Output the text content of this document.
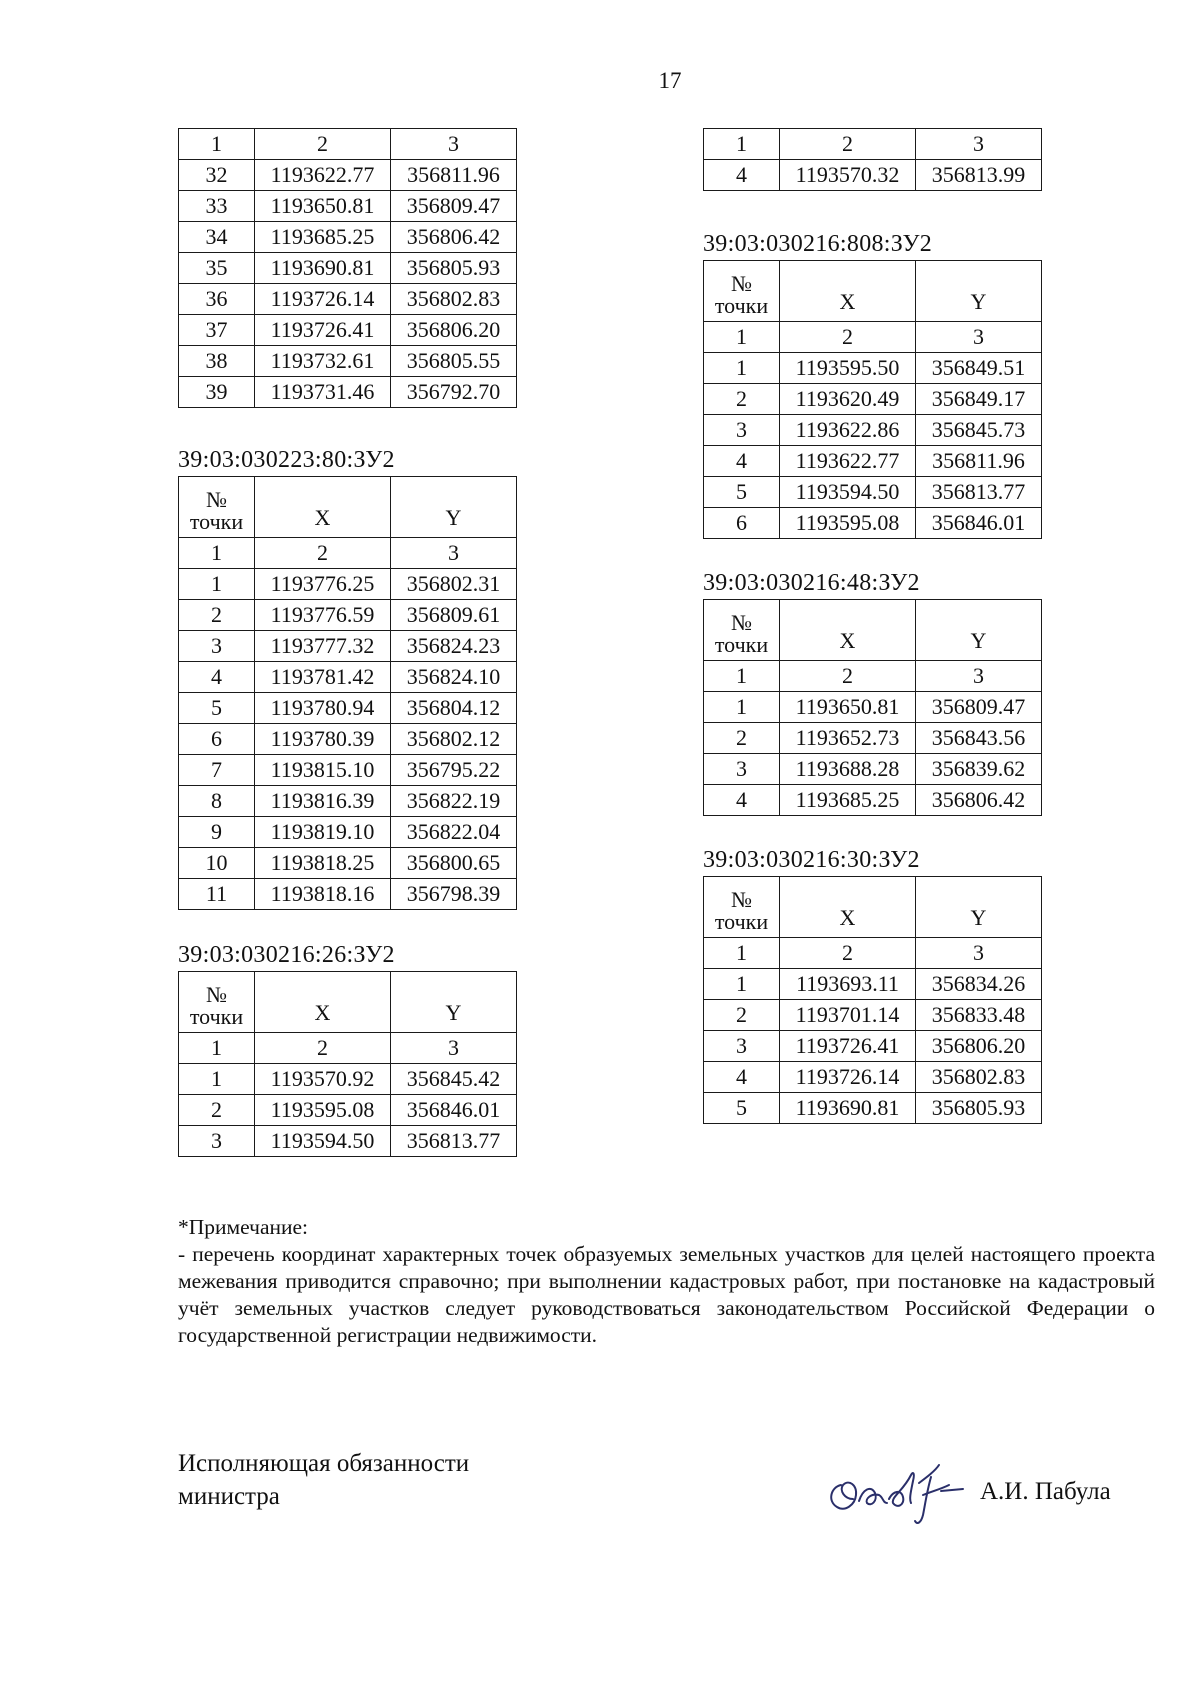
17
1	2	3
32	1193622.77	356811.96
33	1193650.81	356809.47
34	1193685.25	356806.42
35	1193690.81	356805.93
36	1193726.14	356802.83
37	1193726.41	356806.20
38	1193732.61	356805.55
39	1193731.46	356792.70
39:03:030223:80:ЗУ2
№
точки	X	Y
1	2	3
1	1193776.25	356802.31
2	1193776.59	356809.61
3	1193777.32	356824.23
4	1193781.42	356824.10
5	1193780.94	356804.12
6	1193780.39	356802.12
7	1193815.10	356795.22
8	1193816.39	356822.19
9	1193819.10	356822.04
10	1193818.25	356800.65
11	1193818.16	356798.39
39:03:030216:26:ЗУ2
№
точки	X	Y
1	2	3
1	1193570.92	356845.42
2	1193595.08	356846.01
3	1193594.50	356813.77
1	2	3
4	1193570.32	356813.99
39:03:030216:808:ЗУ2
№
точки	X	Y
1	2	3
1	1193595.50	356849.51
2	1193620.49	356849.17
3	1193622.86	356845.73
4	1193622.77	356811.96
5	1193594.50	356813.77
6	1193595.08	356846.01
39:03:030216:48:ЗУ2
№
точки	X	Y
1	2	3
1	1193650.81	356809.47
2	1193652.73	356843.56
3	1193688.28	356839.62
4	1193685.25	356806.42
39:03:030216:30:ЗУ2
№
точки	X	Y
1	2	3
1	1193693.11	356834.26
2	1193701.14	356833.48
3	1193726.41	356806.20
4	1193726.14	356802.83
5	1193690.81	356805.93
*Примечание:
- перечень координат характерных точек образуемых земельных участков для целей настоящего проекта межевания приводится справочно; при выполнении кадастровых работ, при постановке на кадастровый учёт земельных участков следует руководствоваться законодательством Российской Федерации о государственной регистрации недвижимости.
Исполняющая обязанности
министра	А.И. Пабула
